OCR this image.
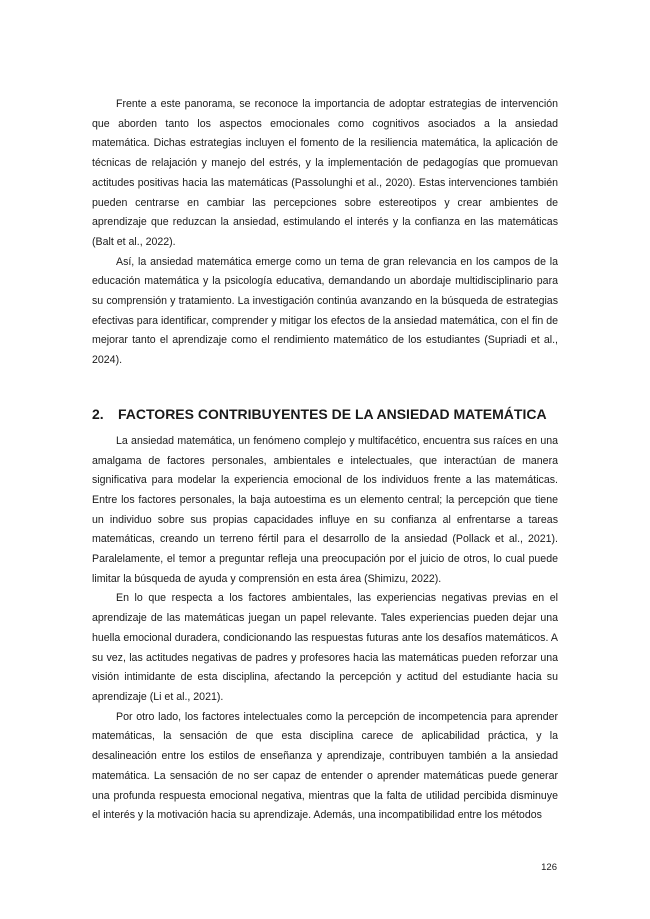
Frente a este panorama, se reconoce la importancia de adoptar estrategias de intervención que aborden tanto los aspectos emocionales como cognitivos asociados a la ansiedad matemática. Dichas estrategias incluyen el fomento de la resiliencia matemática, la aplicación de técnicas de relajación y manejo del estrés, y la implementación de pedagogías que promuevan actitudes positivas hacia las matemáticas (Passolunghi et al., 2020). Estas intervenciones también pueden centrarse en cambiar las percepciones sobre estereotipos y crear ambientes de aprendizaje que reduzcan la ansiedad, estimulando el interés y la confianza en las matemáticas (Balt et al., 2022).

Así, la ansiedad matemática emerge como un tema de gran relevancia en los campos de la educación matemática y la psicología educativa, demandando un abordaje multidisciplinario para su comprensión y tratamiento. La investigación continúa avanzando en la búsqueda de estrategias efectivas para identificar, comprender y mitigar los efectos de la ansiedad matemática, con el fin de mejorar tanto el aprendizaje como el rendimiento matemático de los estudiantes (Supriadi et al., 2024).

2. FACTORES CONTRIBUYENTES DE LA ANSIEDAD MATEMÁTICA

La ansiedad matemática, un fenómeno complejo y multifacético, encuentra sus raíces en una amalgama de factores personales, ambientales e intelectuales, que interactúan de manera significativa para modelar la experiencia emocional de los individuos frente a las matemáticas. Entre los factores personales, la baja autoestima es un elemento central; la percepción que tiene un individuo sobre sus propias capacidades influye en su confianza al enfrentarse a tareas matemáticas, creando un terreno fértil para el desarrollo de la ansiedad (Pollack et al., 2021). Paralelamente, el temor a preguntar refleja una preocupación por el juicio de otros, lo cual puede limitar la búsqueda de ayuda y comprensión en esta área (Shimizu, 2022).

En lo que respecta a los factores ambientales, las experiencias negativas previas en el aprendizaje de las matemáticas juegan un papel relevante. Tales experiencias pueden dejar una huella emocional duradera, condicionando las respuestas futuras ante los desafíos matemáticos. A su vez, las actitudes negativas de padres y profesores hacia las matemáticas pueden reforzar una visión intimidante de esta disciplina, afectando la percepción y actitud del estudiante hacia su aprendizaje (Li et al., 2021).

Por otro lado, los factores intelectuales como la percepción de incompetencia para aprender matemáticas, la sensación de que esta disciplina carece de aplicabilidad práctica, y la desalineación entre los estilos de enseñanza y aprendizaje, contribuyen también a la ansiedad matemática. La sensación de no ser capaz de entender o aprender matemáticas puede generar una profunda respuesta emocional negativa, mientras que la falta de utilidad percibida disminuye el interés y la motivación hacia su aprendizaje. Además, una incompatibilidad entre los métodos

126
